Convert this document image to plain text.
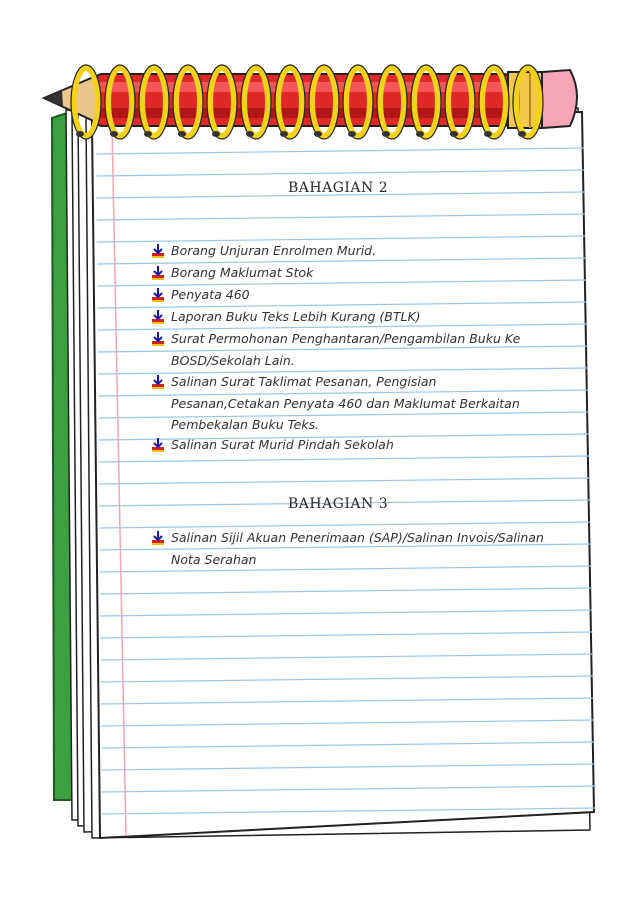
BAHAGIAN 2
Borang Unjuran Enrolmen Murid.
Borang Maklumat Stok
Penyata 460
Laporan Buku Teks Lebih Kurang (BTLK)
Surat Permohonan Penghantaran/Pengambilan Buku Ke BOSD/Sekolah Lain.
Salinan Surat Taklimat Pesanan, Pengisian Pesanan,Cetakan Penyata 460 dan Maklumat Berkaitan Pembekalan Buku Teks.
Salinan Surat Murid Pindah Sekolah
BAHAGIAN 3
Salinan Sijil Akuan Penerimaan (SAP)/Salinan Invois/Salinan Nota Serahan
